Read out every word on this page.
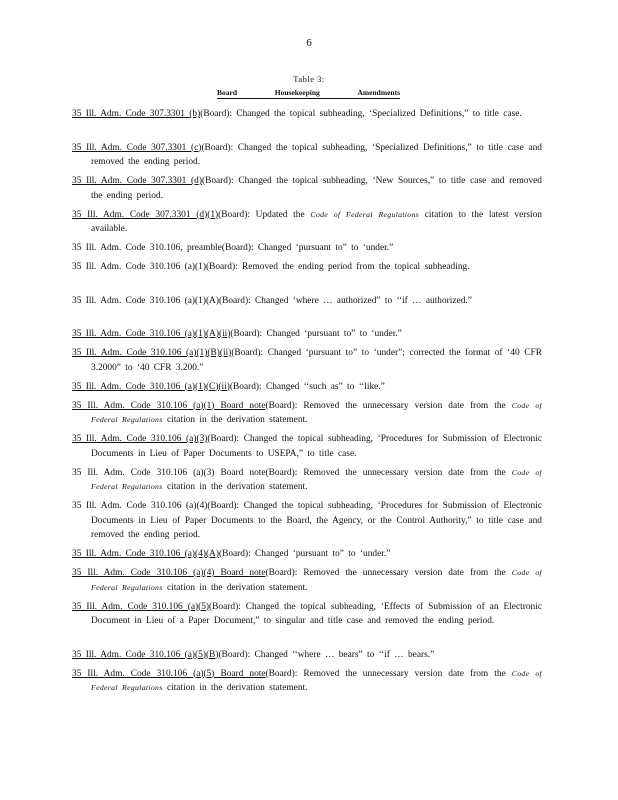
6
Table 3:
Board	Housekeeping	Amendments
35 Ill. Adm. Code 307.3301 (b)(Board): Changed the topical subheading, ‘Specialized Definitions,” to title case.
35 Ill. Adm. Code 307.3301 (c)(Board): Changed the topical subheading, ‘Specialized Definitions,” to title case and removed the ending period.
35 Ill. Adm. Code 307.3301 (d)(Board): Changed the topical subheading, ‘New Sources,” to title case and removed the ending period.
35 Ill. Adm. Code 307.3301 (d)(1)(Board): Updated the Code of Federal Regulations citation to the latest version available.
35 Ill. Adm. Code 310.106, preamble(Board): Changed ‘pursuant to” to ‘under.”
35 Ill. Adm. Code 310.106 (a)(1)(Board): Removed the ending period from the topical subheading.
35 Ill. Adm. Code 310.106 (a)(1)(A)(Board): Changed ‘where … authorized” to ‘‘if … authorized.”
35 Ill. Adm. Code 310.106 (a)(1)(A)(ii)(Board): Changed ‘pursuant to” to ‘under.”
35 Ill. Adm. Code 310.106 (a)(1)(B)(ii)(Board): Changed ‘pursuant to” to ‘under”; corrected the format of ‘40 CFR 3.2000” to ‘40 CFR 3.200.”
35 Ill. Adm. Code 310.106 (a)(1)(C)(ii)(Board): Changed ‘‘such as” to ‘‘like.”
35 Ill. Adm. Code 310.106 (a)(1) Board note(Board): Removed the unnecessary version date from the Code of Federal Regulations citation in the derivation statement.
35 Ill. Adm. Code 310.106 (a)(3)(Board): Changed the topical subheading, ‘Procedures for Submission of Electronic Documents in Lieu of Paper Documents to USEPA,” to title case.
35 Ill. Adm. Code 310.106 (a)(3) Board note(Board): Removed the unnecessary version date from the Code of Federal Regulations citation in the derivation statement.
35 Ill. Adm. Code 310.106 (a)(4)(Board): Changed the topical subheading, ‘Procedures for Submission of Electronic Documents in Lieu of Paper Documents to the Board, the Agency, or the Control Authority,” to title case and removed the ending period.
35 Ill. Adm. Code 310.106 (a)(4)(A)(Board): Changed ‘pursuant to” to ‘under.”
35 Ill. Adm. Code 310.106 (a)(4) Board note(Board): Removed the unnecessary version date from the Code of Federal Regulations citation in the derivation statement.
35 Ill. Adm. Code 310.106 (a)(5)(Board): Changed the topical subheading, ‘Effects of Submission of an Electronic Document in Lieu of a Paper Document,” to singular and title case and removed the ending period.
35 Ill. Adm. Code 310.106 (a)(5)(B)(Board): Changed ‘‘where … bears” to ‘‘if … bears.”
35 Ill. Adm. Code 310.106 (a)(5) Board note(Board): Removed the unnecessary version date from the Code of Federal Regulations citation in the derivation statement.
